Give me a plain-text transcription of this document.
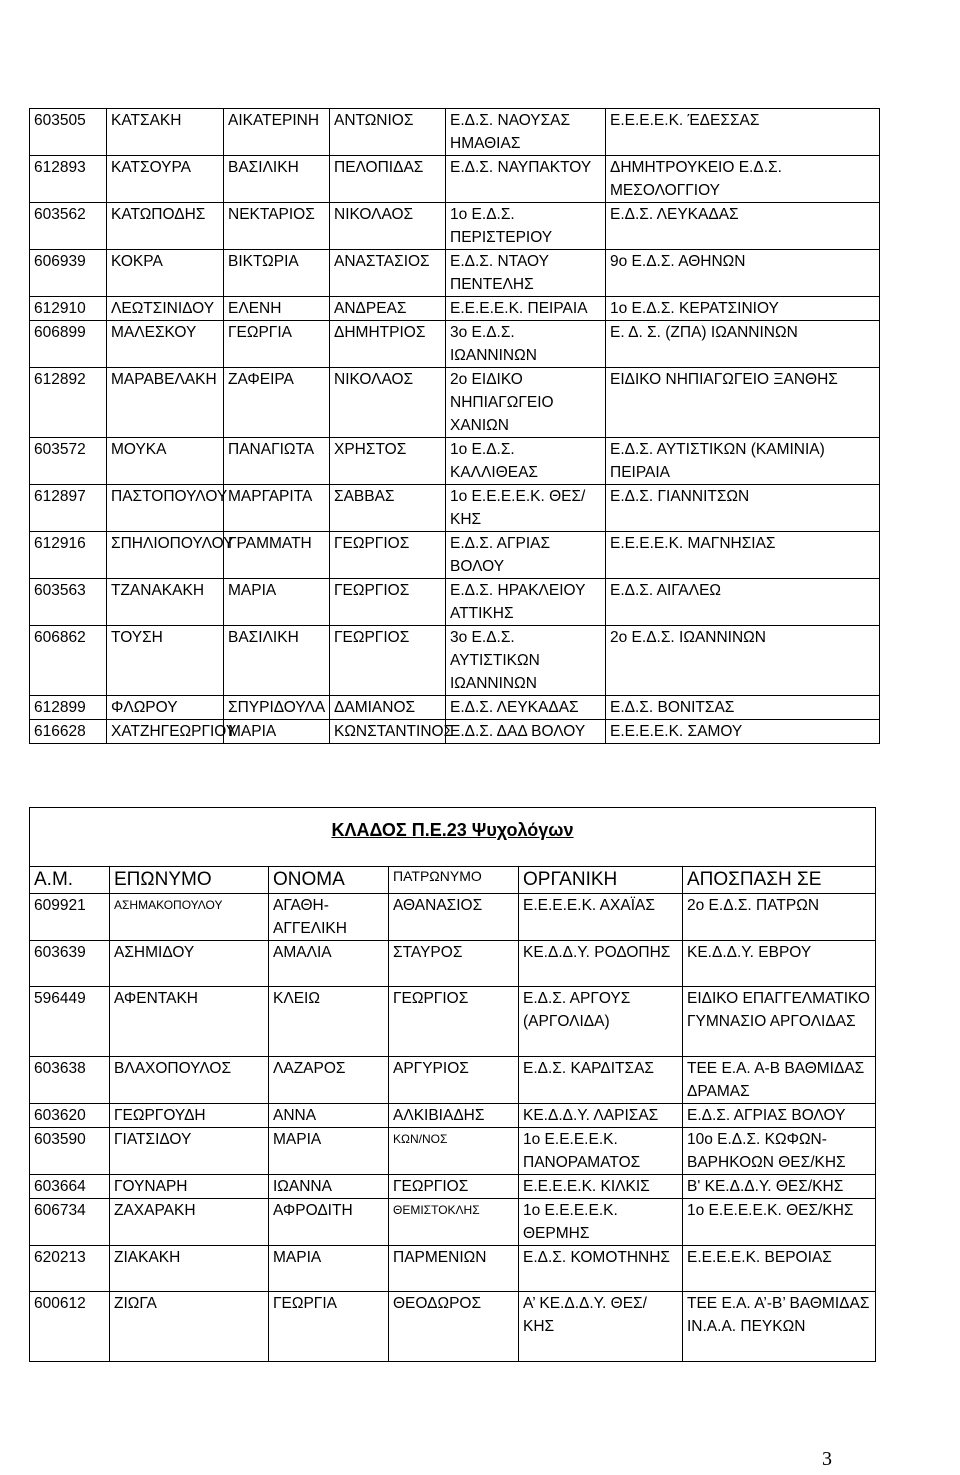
Ανακτήθηκε από την
ΕΚΠΑΙΔΕΥΤΙΚΗ ΚΛΙΜΑΚΑ
http://edu.klimaka.gr
ΑΔΑ: Β41Α9-0ΓΠ
603505	ΚΑΤΣΑΚΗ	ΑΙΚΑΤΕΡΙΝΗ	ΑΝΤΩΝΙΟΣ	Ε.Δ.Σ. ΝΑΟΥΣΑΣ ΗΜΑΘΙΑΣ	Ε.Ε.Ε.Ε.Κ. ΈΔΕΣΣΑΣ
612893	ΚΑΤΣΟΥΡΑ	ΒΑΣΙΛΙΚΗ	ΠΕΛΟΠΙΔΑΣ	Ε.Δ.Σ. ΝΑΥΠΑΚΤΟΥ	ΔΗΜΗΤΡΟΥΚΕΙΟ Ε.Δ.Σ. ΜΕΣΟΛΟΓΓΙΟΥ
603562	ΚΑΤΩΠΟΔΗΣ	ΝΕΚΤΑΡΙΟΣ	ΝΙΚΟΛΑΟΣ	1ο Ε.Δ.Σ. ΠΕΡΙΣΤΕΡΙΟΥ	Ε.Δ.Σ. ΛΕΥΚΑΔΑΣ
606939	ΚΟΚΡΑ	ΒΙΚΤΩΡΙΑ	ΑΝΑΣΤΑΣΙΟΣ	Ε.Δ.Σ. ΝΤΑΟΥ ΠΕΝΤΕΛΗΣ	9ο Ε.Δ.Σ. ΑΘΗΝΩΝ
612910	ΛΕΩΤΣΙΝΙΔΟΥ	ΕΛΕΝΗ	ΑΝΔΡΕΑΣ	Ε.Ε.Ε.Ε.Κ. ΠΕΙΡΑΙΑ	1ο Ε.Δ.Σ. ΚΕΡΑΤΣΙΝΙΟΥ
606899	ΜΑΛΕΣΚΟΥ	ΓΕΩΡΓΙΑ	ΔΗΜΗΤΡΙΟΣ	3ο Ε.Δ.Σ. ΙΩΑΝΝΙΝΩΝ	Ε. Δ. Σ. (ΖΠΑ) ΙΩΑΝΝΙΝΩΝ
612892	ΜΑΡΑΒΕΛΑΚΗ	ΖΑΦΕΙΡΑ	ΝΙΚΟΛΑΟΣ	2ο ΕΙΔΙΚΟ ΝΗΠΙΑΓΩΓΕΙΟ ΧΑΝΙΩΝ	ΕΙΔΙΚΟ ΝΗΠΙΑΓΩΓΕΙΟ ΞΑΝΘΗΣ
603572	ΜΟΥΚΑ	ΠΑΝΑΓΙΩΤΑ	ΧΡΗΣΤΟΣ	1ο Ε.Δ.Σ. ΚΑΛΛΙΘΕΑΣ	Ε.Δ.Σ. ΑΥΤΙΣΤΙΚΩΝ (ΚΑΜΙΝΙΑ) ΠΕΙΡΑΙΑ
612897	ΠΑΣΤΟΠΟΥΛΟΥ	ΜΑΡΓΑΡΙΤΑ	ΣΑΒΒΑΣ	1ο Ε.Ε.Ε.Ε.Κ. ΘΕΣ/ΚΗΣ	Ε.Δ.Σ. ΓΙΑΝΝΙΤΣΩΝ
612916	ΣΠΗΛΙΟΠΟΥΛΟΥ	ΓΡΑΜΜΑΤΗ	ΓΕΩΡΓΙΟΣ	Ε.Δ.Σ. ΑΓΡΙΑΣ ΒΟΛΟΥ	Ε.Ε.Ε.Ε.Κ. ΜΑΓΝΗΣΙΑΣ
603563	ΤΖΑΝΑΚΑΚΗ	ΜΑΡΙΑ	ΓΕΩΡΓΙΟΣ	Ε.Δ.Σ. ΗΡΑΚΛΕΙΟΥ ΑΤΤΙΚΗΣ	Ε.Δ.Σ. ΑΙΓΑΛΕΩ
606862	ΤΟΥΣΗ	ΒΑΣΙΛΙΚΗ	ΓΕΩΡΓΙΟΣ	3ο Ε.Δ.Σ. ΑΥΤΙΣΤΙΚΩΝ ΙΩΑΝΝΙΝΩΝ	2ο Ε.Δ.Σ. ΙΩΑΝΝΙΝΩΝ
612899	ΦΛΩΡΟΥ	ΣΠΥΡΙΔΟΥΛΑ	ΔΑΜΙΑΝΟΣ	Ε.Δ.Σ. ΛΕΥΚΑΔΑΣ	Ε.Δ.Σ. ΒΟΝΙΤΣΑΣ
616628	ΧΑΤΖΗΓΕΩΡΓΙΟΥ	ΜΑΡΙΑ	ΚΩΝΣΤΑΝΤΙΝΟΣ	Ε.Δ.Σ. ΔΑΔ ΒΟΛΟΥ	Ε.Ε.Ε.Ε.Κ. ΣΑΜΟΥ
ΚΛΑΔΟΣ Π.Ε.23 Ψυχολόγων
Α.Μ.	ΕΠΩΝΥΜΟ	ΟΝΟΜΑ	ΠΑΤΡΩΝΥΜΟ	ΟΡΓΑΝΙΚΗ	ΑΠΟΣΠΑΣΗ ΣΕ
609921	ΑΣΗΜΑΚΟΠΟΥΛΟΥ	ΑΓΑΘΗ-ΑΓΓΕΛΙΚΗ	ΑΘΑΝΑΣΙΟΣ	Ε.Ε.Ε.Ε.Κ. ΑΧΑΪΑΣ	2ο Ε.Δ.Σ. ΠΑΤΡΩΝ
603639	ΑΣΗΜΙΔΟΥ	ΑΜΑΛΙΑ	ΣΤΑΥΡΟΣ	ΚΕ.Δ.Δ.Υ. ΡΟΔΟΠΗΣ	ΚΕ.Δ.Δ.Υ. ΕΒΡΟΥ
596449	ΑΦΕΝΤΑΚΗ	ΚΛΕΙΩ	ΓΕΩΡΓΙΟΣ	Ε.Δ.Σ. ΑΡΓΟΥΣ (ΑΡΓΟΛΙΔΑ)	ΕΙΔΙΚΟ ΕΠΑΓΓΕΛΜΑΤΙΚΟ ΓΥΜΝΑΣΙΟ ΑΡΓΟΛΙΔΑΣ
603638	ΒΛΑΧΟΠΟΥΛΟΣ	ΛΑΖΑΡΟΣ	ΑΡΓΥΡΙΟΣ	Ε.Δ.Σ. ΚΑΡΔΙΤΣΑΣ	ΤΕΕ Ε.Α. Α-Β ΒΑΘΜΙΔΑΣ ΔΡΑΜΑΣ
603620	ΓΕΩΡΓΟΥΔΗ	ΑΝΝΑ	ΑΛΚΙΒΙΑΔΗΣ	ΚΕ.Δ.Δ.Υ. ΛΑΡΙΣΑΣ	Ε.Δ.Σ. ΑΓΡΙΑΣ ΒΟΛΟΥ
603590	ΓΙΑΤΣΙΔΟΥ	ΜΑΡΙΑ	ΚΩΝ/ΝΟΣ	1ο Ε.Ε.Ε.Ε.Κ. ΠΑΝΟΡΑΜΑΤΟΣ	10ο Ε.Δ.Σ. ΚΩΦΩΝ-ΒΑΡΗΚΟΩΝ ΘΕΣ/ΚΗΣ
603664	ΓΟΥΝΑΡΗ	ΙΩΑΝΝΑ	ΓΕΩΡΓΙΟΣ	Ε.Ε.Ε.Ε.Κ. ΚΙΛΚΙΣ	Β' ΚΕ.Δ.Δ.Υ. ΘΕΣ/ΚΗΣ
606734	ΖΑΧΑΡΑΚΗ	ΑΦΡΟΔΙΤΗ	ΘΕΜΙΣΤΟΚΛΗΣ	1ο Ε.Ε.Ε.Ε.Κ. ΘΕΡΜΗΣ	1ο Ε.Ε.Ε.Ε.Κ. ΘΕΣ/ΚΗΣ
620213	ΖΙΑΚΑΚΗ	ΜΑΡΙΑ	ΠΑΡΜΕΝΙΩΝ	Ε.Δ.Σ. ΚΟΜΟΤΗΝΗΣ	Ε.Ε.Ε.Ε.Κ. ΒΕΡΟΙΑΣ
600612	ΖΙΩΓΑ	ΓΕΩΡΓΙΑ	ΘΕΟΔΩΡΟΣ	Α’ ΚΕ.Δ.Δ.Υ. ΘΕΣ/ΚΗΣ	ΤΕΕ Ε.Α. Α’-Β’ ΒΑΘΜΙΔΑΣ ΙΝ.Α.Α. ΠΕΥΚΩΝ
3
